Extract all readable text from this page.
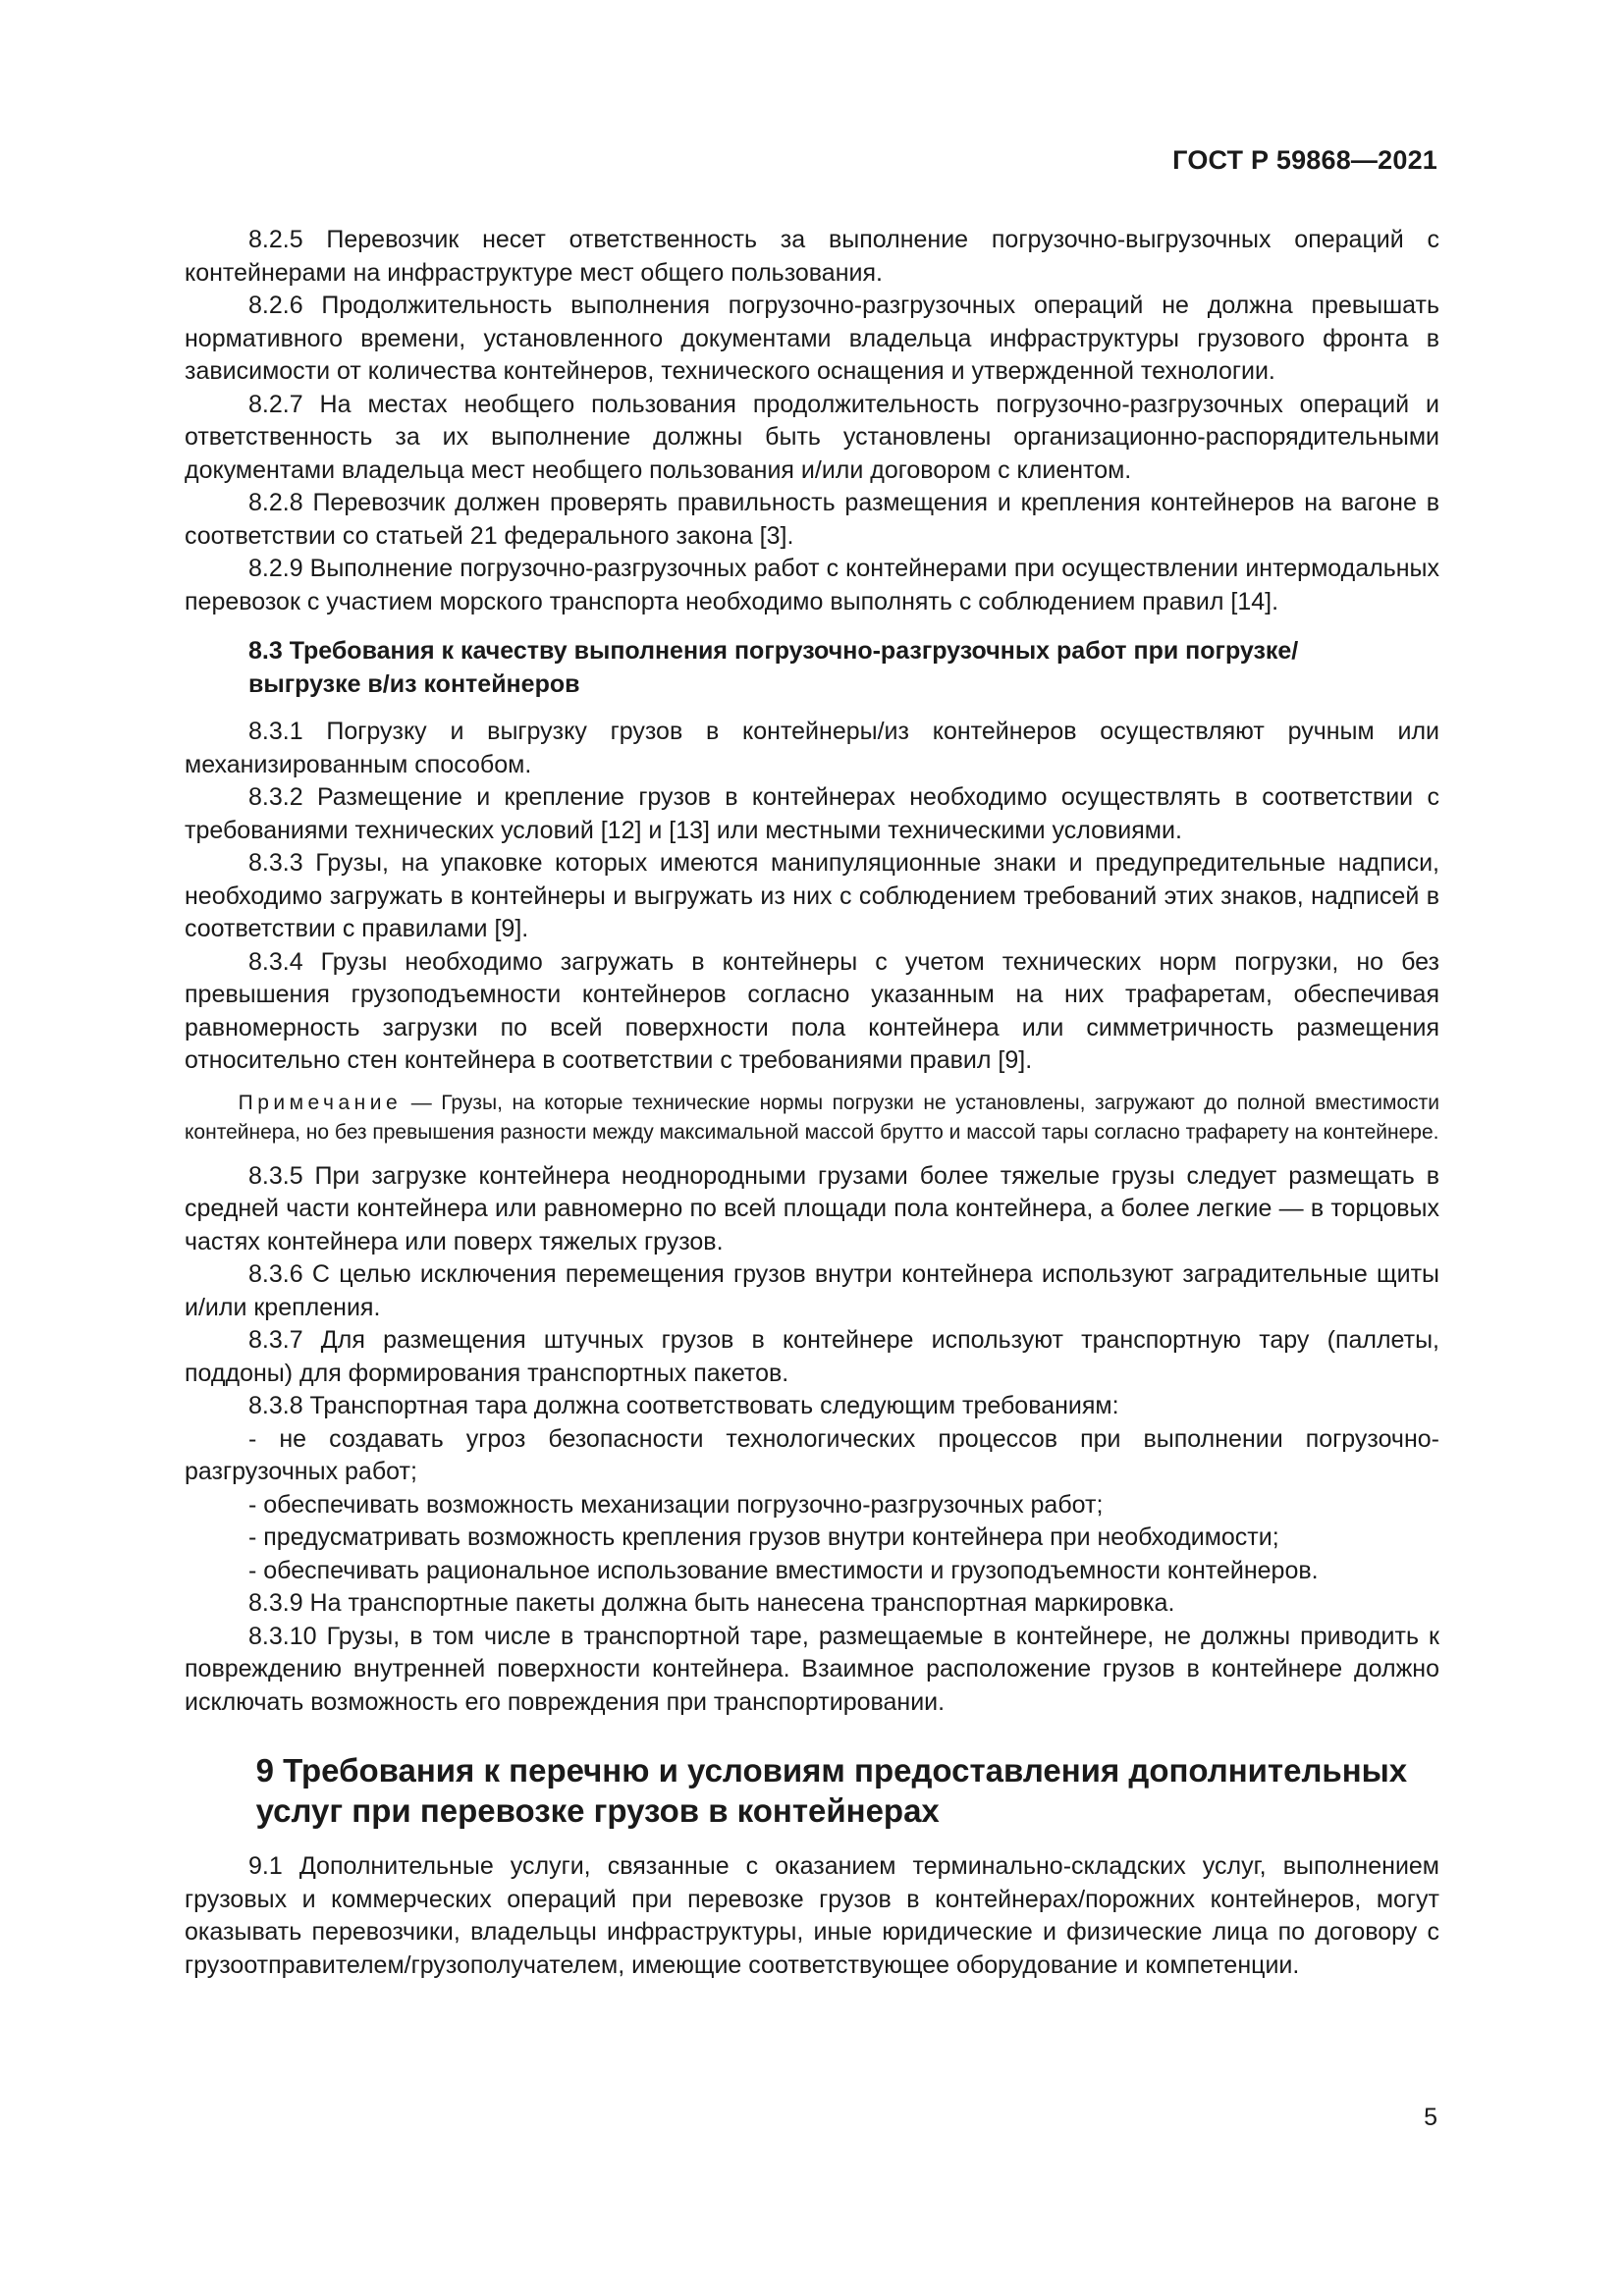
ГОСТ Р 59868—2021

8.2.5 Перевозчик несет ответственность за выполнение погрузочно-выгрузочных операций с контейнерами на инфраструктуре мест общего пользования.

8.2.6 Продолжительность выполнения погрузочно-разгрузочных операций не должна превышать нормативного времени, установленного документами владельца инфраструктуры грузового фронта в зависимости от количества контейнеров, технического оснащения и утвержденной технологии.

8.2.7 На местах необщего пользования продолжительность погрузочно-разгрузочных операций и ответственность за их выполнение должны быть установлены организационно-распорядительными документами владельца мест необщего пользования и/или договором с клиентом.

8.2.8 Перевозчик должен проверять правильность размещения и крепления контейнеров на вагоне в соответствии со статьей 21 федерального закона [3].

8.2.9 Выполнение погрузочно-разгрузочных работ с контейнерами при осуществлении интермодальных перевозок с участием морского транспорта необходимо выполнять с соблюдением правил [14].

8.3 Требования к качеству выполнения погрузочно-разгрузочных работ при погрузке/
выгрузке в/из контейнеров

8.3.1 Погрузку и выгрузку грузов в контейнеры/из контейнеров осуществляют ручным или механизированным способом.

8.3.2 Размещение и крепление грузов в контейнерах необходимо осуществлять в соответствии с требованиями технических условий [12] и [13] или местными техническими условиями.

8.3.3 Грузы, на упаковке которых имеются манипуляционные знаки и предупредительные надписи, необходимо загружать в контейнеры и выгружать из них с соблюдением требований этих знаков, надписей в соответствии с правилами [9].

8.3.4 Грузы необходимо загружать в контейнеры с учетом технических норм погрузки, но без превышения грузоподъемности контейнеров согласно указанным на них трафаретам, обеспечивая равномерность загрузки по всей поверхности пола контейнера или симметричность размещения относительно стен контейнера в соответствии с требованиями правил [9].

Примечание — Грузы, на которые технические нормы погрузки не установлены, загружают до полной вместимости контейнера, но без превышения разности между максимальной массой брутто и массой тары согласно трафарету на контейнере.

8.3.5 При загрузке контейнера неоднородными грузами более тяжелые грузы следует размещать в средней части контейнера или равномерно по всей площади пола контейнера, а более легкие — в торцовых частях контейнера или поверх тяжелых грузов.

8.3.6 С целью исключения перемещения грузов внутри контейнера используют заградительные щиты и/или крепления.

8.3.7 Для размещения штучных грузов в контейнере используют транспортную тару (паллеты, поддоны) для формирования транспортных пакетов.

8.3.8 Транспортная тара должна соответствовать следующим требованиям:

- не создавать угроз безопасности технологических процессов при выполнении погрузочно-разгрузочных работ;

- обеспечивать возможность механизации погрузочно-разгрузочных работ;

- предусматривать возможность крепления грузов внутри контейнера при необходимости;

- обеспечивать рациональное использование вместимости и грузоподъемности контейнеров.

8.3.9 На транспортные пакеты должна быть нанесена транспортная маркировка.

8.3.10 Грузы, в том числе в транспортной таре, размещаемые в контейнере, не должны приводить к повреждению внутренней поверхности контейнера. Взаимное расположение грузов в контейнере должно исключать возможность его повреждения при транспортировании.

9 Требования к перечню и условиям предоставления дополнительных
услуг при перевозке грузов в контейнерах

9.1 Дополнительные услуги, связанные с оказанием терминально-складских услуг, выполнением грузовых и коммерческих операций при перевозке грузов в контейнерах/порожних контейнеров, могут оказывать перевозчики, владельцы инфраструктуры, иные юридические и физические лица по договору с грузоотправителем/грузополучателем, имеющие соответствующее оборудование и компетенции.

5
